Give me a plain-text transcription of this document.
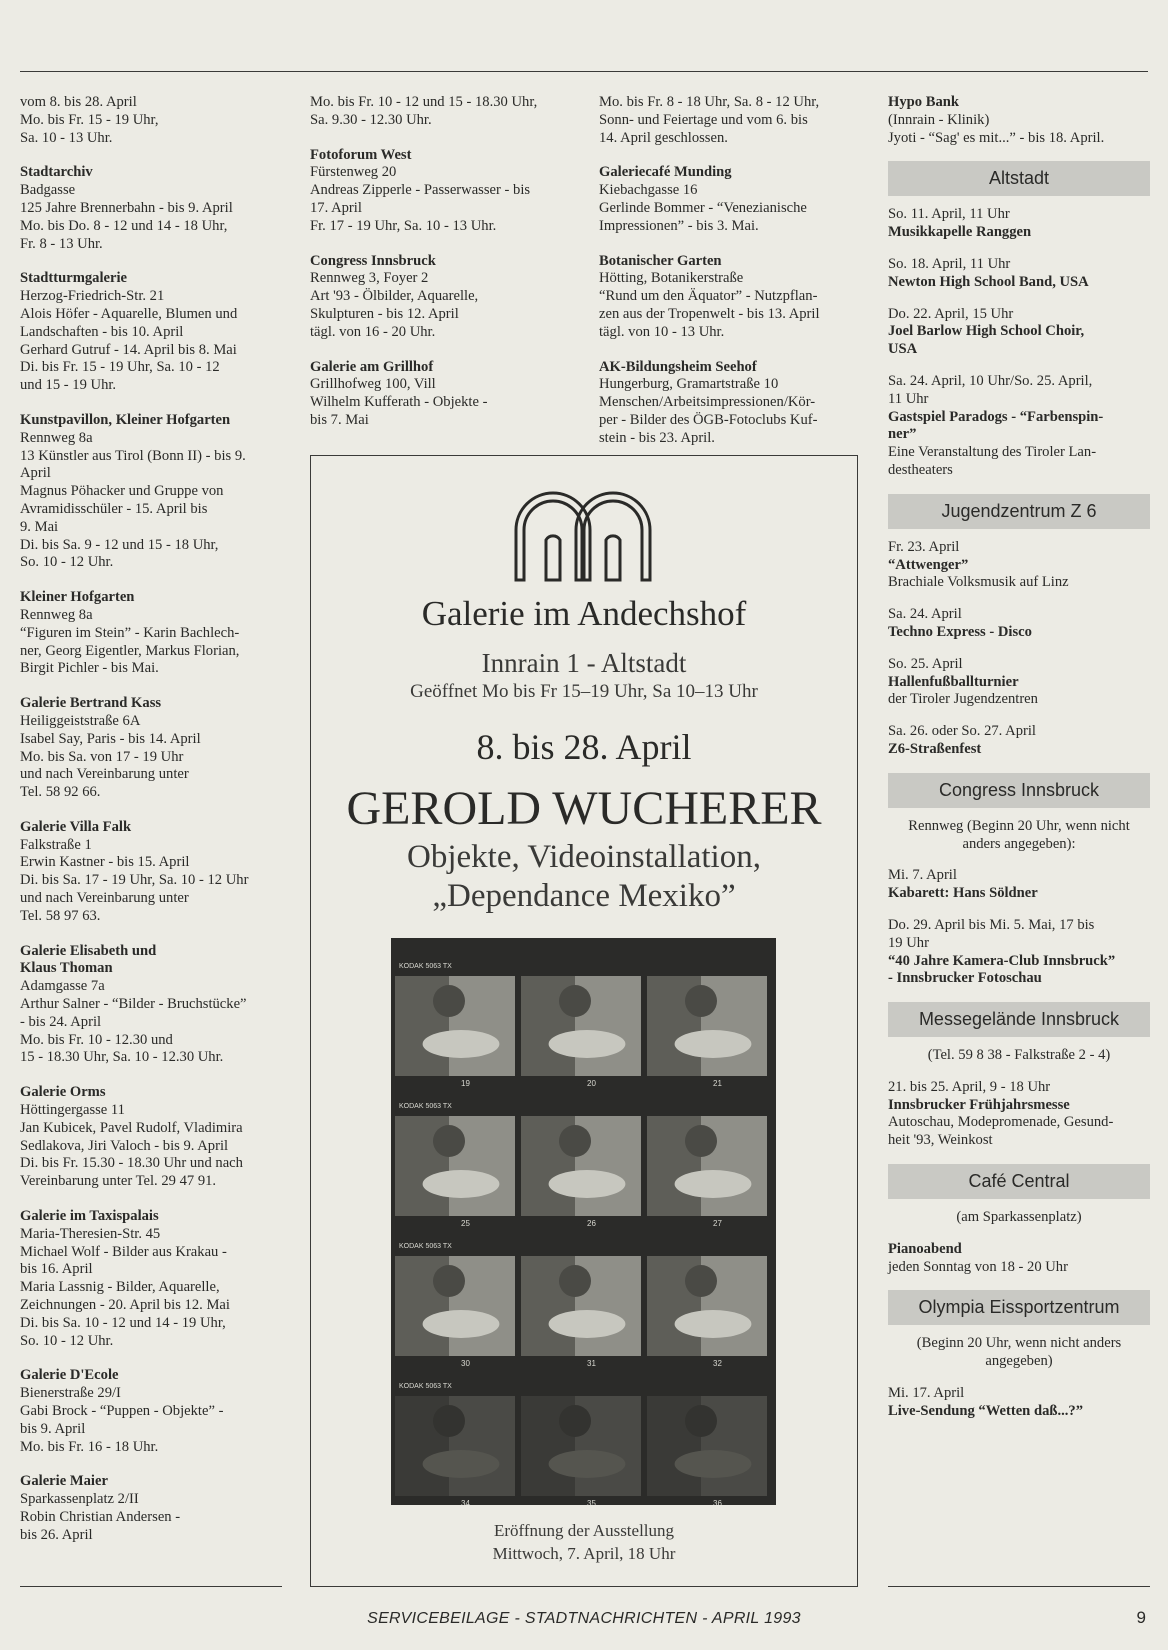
vom 8. bis 28. April
Mo. bis Fr. 15 - 19 Uhr,
Sa. 10 - 13 Uhr.
Stadtarchiv
Badgasse
125 Jahre Brennerbahn - bis 9. April
Mo. bis Do. 8 - 12 und 14 - 18 Uhr,
Fr. 8 - 13 Uhr.
Stadtturmgalerie
Herzog-Friedrich-Str. 21
Alois Höfer - Aquarelle, Blumen und
Landschaften - bis 10. April
Gerhard Gutruf - 14. April bis 8. Mai
Di. bis Fr. 15 - 19 Uhr, Sa. 10 - 12
und 15 - 19 Uhr.
Kunstpavillon, Kleiner Hofgarten
Rennweg 8a
13 Künstler aus Tirol (Bonn II) - bis 9.
April
Magnus Pöhacker und Gruppe von
Avramidisschüler - 15. April bis
9. Mai
Di. bis Sa. 9 - 12 und 15 - 18 Uhr,
So. 10 - 12 Uhr.
Kleiner Hofgarten
Rennweg 8a
“Figuren im Stein” - Karin Bachlech-
ner, Georg Eigentler, Markus Florian,
Birgit Pichler - bis Mai.
Galerie Bertrand Kass
Heiliggeiststraße 6A
Isabel Say, Paris - bis 14. April
Mo. bis Sa. von 17 - 19 Uhr
und nach Vereinbarung unter
Tel. 58 92 66.
Galerie Villa Falk
Falkstraße 1
Erwin Kastner - bis 15. April
Di. bis Sa. 17 - 19 Uhr, Sa. 10 - 12 Uhr
und nach Vereinbarung unter
Tel. 58 97 63.
Galerie Elisabeth und
Klaus Thoman
Adamgasse 7a
Arthur Salner - “Bilder - Bruchstücke”
- bis 24. April
Mo. bis Fr. 10 - 12.30 und
15 - 18.30 Uhr, Sa. 10 - 12.30 Uhr.
Galerie Orms
Höttingergasse 11
Jan Kubicek, Pavel Rudolf, Vladimira
Sedlakova, Jiri Valoch - bis 9. April
Di. bis Fr. 15.30 - 18.30 Uhr und nach
Vereinbarung unter Tel. 29 47 91.
Galerie im Taxispalais
Maria-Theresien-Str. 45
Michael Wolf - Bilder aus Krakau -
bis 16. April
Maria Lassnig - Bilder, Aquarelle,
Zeichnungen - 20. April bis 12. Mai
Di. bis Sa. 10 - 12 und 14 - 19 Uhr,
So. 10 - 12 Uhr.
Galerie D'Ecole
Bienerstraße 29/I
Gabi Brock - “Puppen - Objekte” -
bis 9. April
Mo. bis Fr. 16 - 18 Uhr.
Galerie Maier
Sparkassenplatz 2/II
Robin Christian Andersen -
bis 26. April
Mo. bis Fr. 10 - 12 und 15 - 18.30 Uhr,
Sa. 9.30 - 12.30 Uhr.
Fotoforum West
Fürstenweg 20
Andreas Zipperle - Passerwasser - bis
17. April
Fr. 17 - 19 Uhr, Sa. 10 - 13 Uhr.
Congress Innsbruck
Rennweg 3, Foyer 2
Art '93 - Ölbilder, Aquarelle,
Skulpturen - bis 12. April
tägl. von 16 - 20 Uhr.
Galerie am Grillhof
Grillhofweg 100, Vill
Wilhelm Kufferath - Objekte -
bis 7. Mai
Mo. bis Fr. 8 - 18 Uhr, Sa. 8 - 12 Uhr,
Sonn- und Feiertage und vom 6. bis
14. April geschlossen.
Galeriecafé Munding
Kiebachgasse 16
Gerlinde Bommer - “Venezianische
Impressionen” - bis 3. Mai.
Botanischer Garten
Hötting, Botanikerstraße
“Rund um den Äquator” - Nutzpflan-
zen aus der Tropenwelt - bis 13. April
tägl. von 10 - 13 Uhr.
AK-Bildungsheim Seehof
Hungerburg, Gramartstraße 10
Menschen/Arbeitsimpressionen/Kör-
per - Bilder des ÖGB-Fotoclubs Kuf-
stein - bis 23. April.
Hypo Bank
(Innrain - Klinik)
Jyoti - “Sag' es mit...” - bis 18. April.
Altstadt
So. 11. April, 11 Uhr
Musikkapelle Ranggen
So. 18. April, 11 Uhr
Newton High School Band, USA
Do. 22. April, 15 Uhr
Joel Barlow High School Choir,
USA
Sa. 24. April, 10 Uhr/So. 25. April,
11 Uhr
Gastspiel Paradogs - “Farbenspin-
ner”
Eine Veranstaltung des Tiroler Lan-
destheaters
Jugendzentrum Z 6
Fr. 23. April
“Attwenger”
Brachiale Volksmusik auf Linz
Sa. 24. April
Techno Express - Disco
So. 25. April
Hallenfußballturnier
der Tiroler Jugendzentren
Sa. 26. oder So. 27. April
Z6-Straßenfest
Congress Innsbruck
Rennweg (Beginn 20 Uhr, wenn nicht
anders angegeben):
Mi. 7. April
Kabarett: Hans Söldner
Do. 29. April bis Mi. 5. Mai, 17 bis
19 Uhr
“40 Jahre Kamera-Club Innsbruck”
- Innsbrucker Fotoschau
Messegelände Innsbruck
(Tel. 59 8 38 - Falkstraße 2 - 4)
21. bis 25. April, 9 - 18 Uhr
Innsbrucker Frühjahrsmesse
Autoschau, Modepromenade, Gesund-
heit '93, Weinkost
Café Central
(am Sparkassenplatz)
Pianoabend
jeden Sonntag von 18 - 20 Uhr
Olympia Eissportzentrum
(Beginn 20 Uhr, wenn nicht anders
angegeben)
Mi. 17. April
Live-Sendung “Wetten daß...?”
Galerie im Andechshof
Innrain 1 - Altstadt
Geöffnet Mo bis Fr 15–19 Uhr, Sa 10–13 Uhr
8. bis 28. April
GEROLD WUCHERER
Objekte, Videoinstallation,
„Dependance Mexiko”
KODAK 5063 TX
19	20	21
KODAK 5063 TX
25	26	27
KODAK 5063 TX
30	31	32
KODAK 5063 TX
34	35	36
Eröffnung der Ausstellung
Mittwoch, 7. April, 18 Uhr
SERVICEBEILAGE - STADTNACHRICHTEN - APRIL 1993	9
